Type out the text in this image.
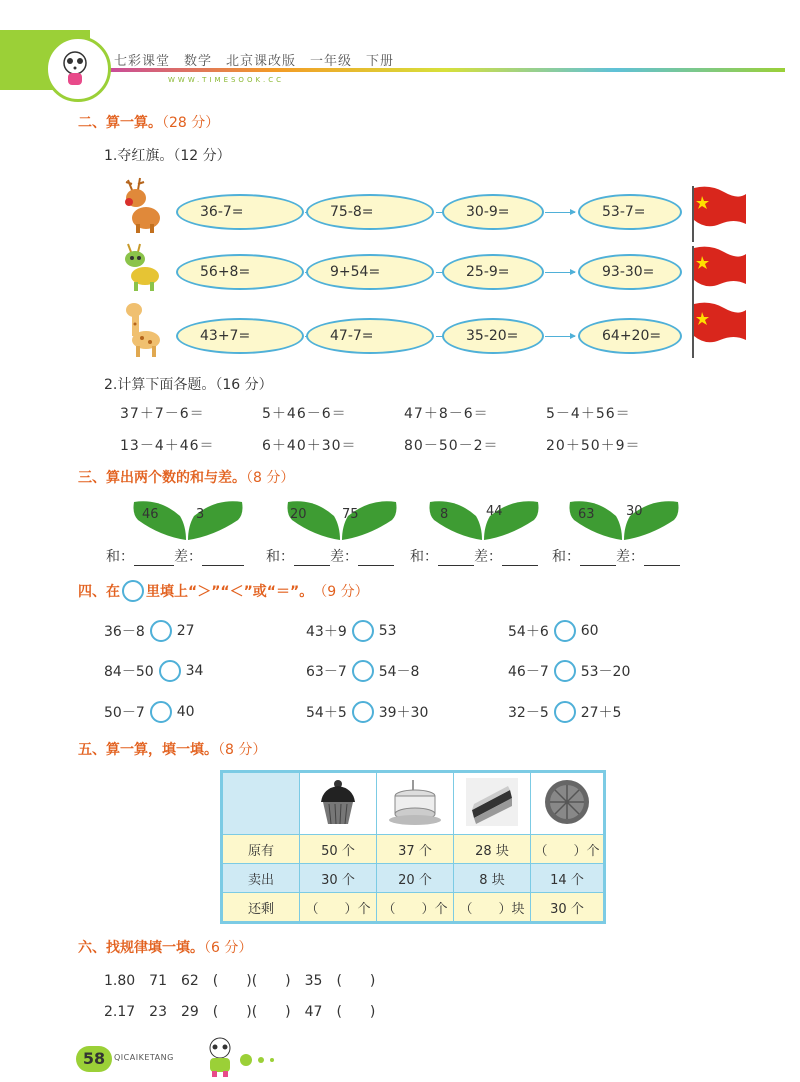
七彩课堂　数学　北京课改版　一年级　下册
WWW.TIMESOOK.CC
二、算一算。（28 分）
1.夺红旗。（12 分）
36-7=	75-8=	30-9=	53-7=
56+8=	9+54=	25-9=	93-30=
43+7=	47-7=	35-20=	64+20=
2.计算下面各题。（16 分）
37＋7－6＝	5＋46－6＝	47＋8－6＝	5－4＋56＝
13－4＋46＝	6＋40＋30＝	80－50－2＝	20＋50＋9＝
三、算出两个数的和与差。（8 分）
46	3	20	75	8	44	63 30
和：	差：	和：	差：	和：	差：	和：	差：
四、在 里填上“＞”“＜”或“＝”。 （9 分）
36－8 27	43＋9 53	54＋6 60
84－50 34	63－7 54－8	46－7 53－20
50－7 40	54＋5 39＋30	32－5 27＋5
五、算一算，填一填。（8 分）

原有	50 个	37 个	28 块	（　　）个
卖出	30 个	20 个	8 块	14 个
还剩	（　　）个	（　　）个	（　　）块	30 个
六、找规律填一填。（6 分）
1.80　71　62　(　　)(　　)　35　(　　)
2.17　23　29　(　　)(　　)　47　(　　)
58	QICAIKETANG
